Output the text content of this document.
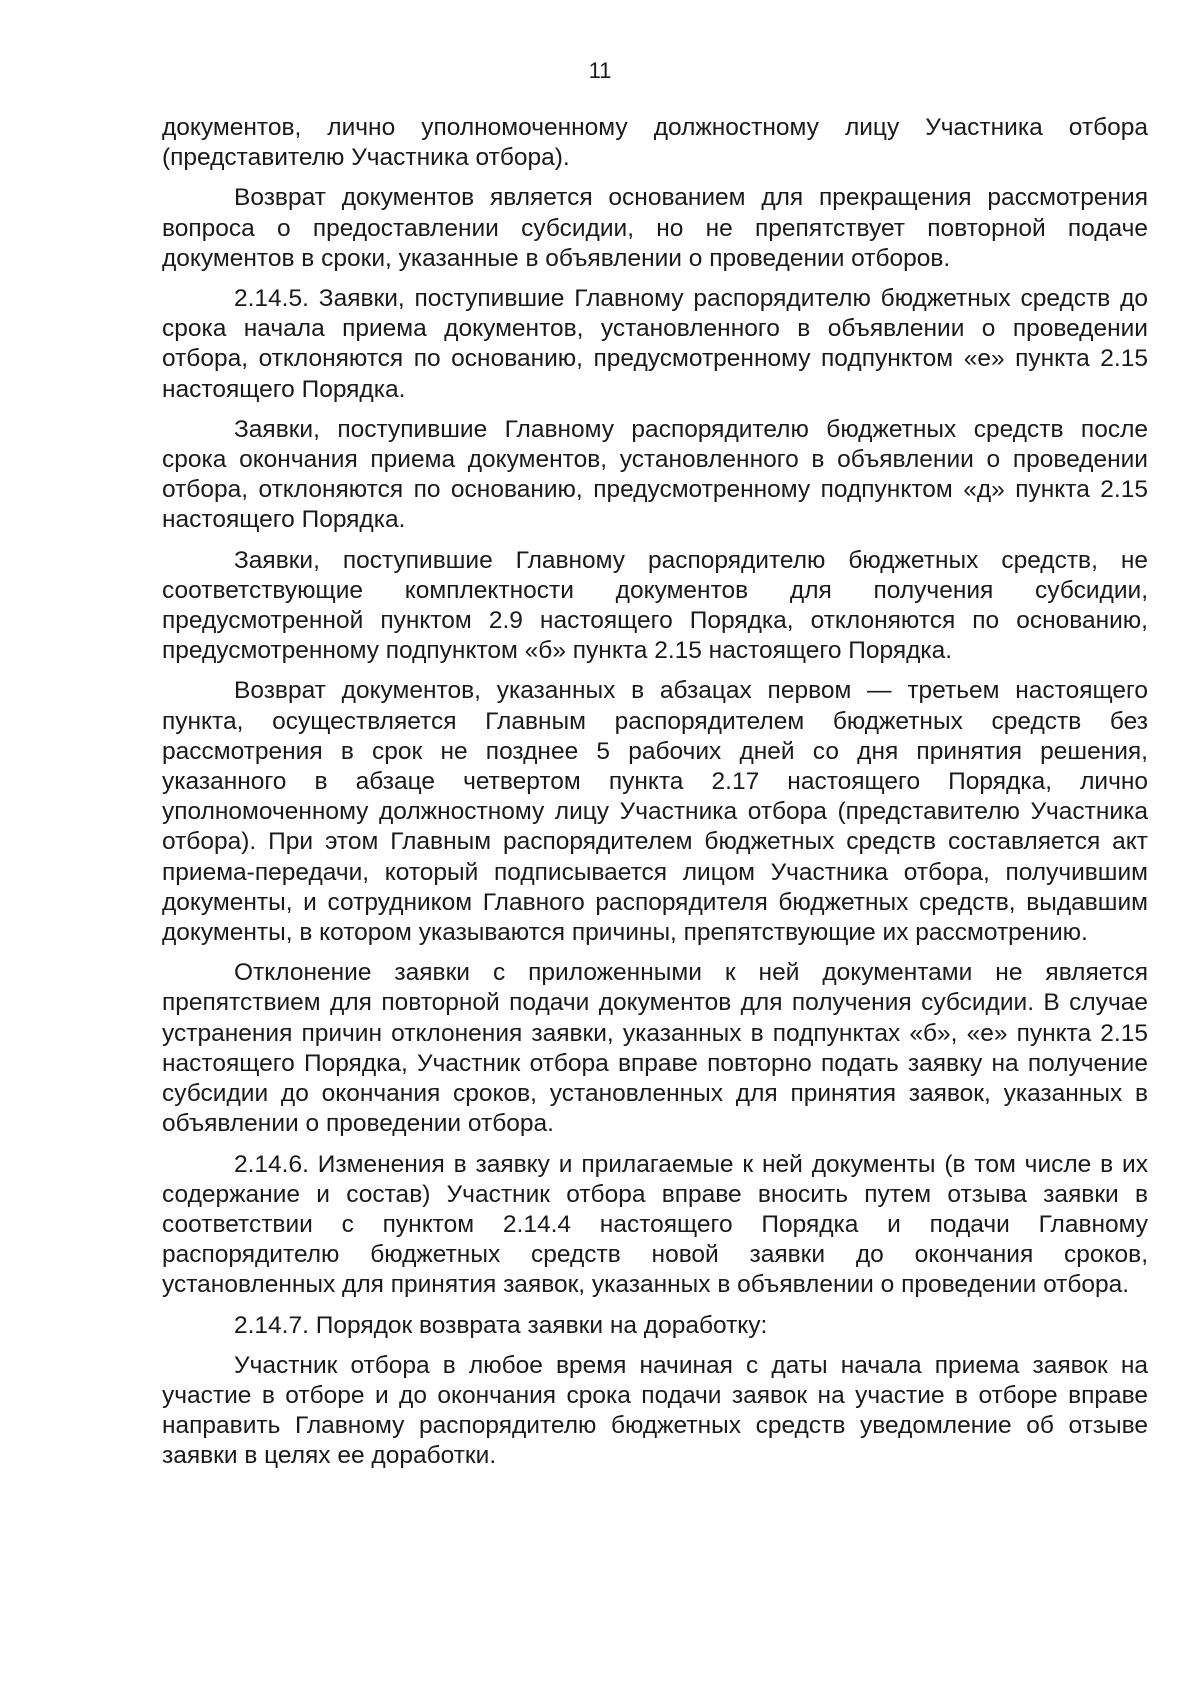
11

документов, лично уполномоченному должностному лицу Участника отбора (представителю Участника отбора).

Возврат документов является основанием для прекращения рассмотрения вопроса о предоставлении субсидии, но не препятствует повторной подаче документов в сроки, указанные в объявлении о проведении отборов.

2.14.5. Заявки, поступившие Главному распорядителю бюджетных средств до срока начала приема документов, установленного в объявлении о проведении отбора, отклоняются по основанию, предусмотренному подпунктом «е» пункта 2.15 настоящего Порядка.

Заявки, поступившие Главному распорядителю бюджетных средств после срока окончания приема документов, установленного в объявлении о проведении отбора, отклоняются по основанию, предусмотренному подпунктом «д» пункта 2.15 настоящего Порядка.

Заявки, поступившие Главному распорядителю бюджетных средств, не соответствующие комплектности документов для получения субсидии, предусмотренной пунктом 2.9 настоящего Порядка, отклоняются по основанию, предусмотренному подпунктом «б» пункта 2.15 настоящего Порядка.

Возврат документов, указанных в абзацах первом — третьем настоящего пункта, осуществляется Главным распорядителем бюджетных средств без рассмотрения в срок не позднее 5 рабочих дней со дня принятия решения, указанного в абзаце четвертом пункта 2.17 настоящего Порядка, лично уполномоченному должностному лицу Участника отбора (представителю Участника отбора). При этом Главным распорядителем бюджетных средств составляется акт приема-передачи, который подписывается лицом Участника отбора, получившим документы, и сотрудником Главного распорядителя бюджетных средств, выдавшим документы, в котором указываются причины, препятствующие их рассмотрению.

Отклонение заявки с приложенными к ней документами не является препятствием для повторной подачи документов для получения субсидии. В случае устранения причин отклонения заявки, указанных в подпунктах «б», «е» пункта 2.15 настоящего Порядка, Участник отбора вправе повторно подать заявку на получение субсидии до окончания сроков, установленных для принятия заявок, указанных в объявлении о проведении отбора.

2.14.6. Изменения в заявку и прилагаемые к ней документы (в том числе в их содержание и состав) Участник отбора вправе вносить путем отзыва заявки в соответствии с пунктом 2.14.4 настоящего Порядка и подачи Главному распорядителю бюджетных средств новой заявки до окончания сроков, установленных для принятия заявок, указанных в объявлении о проведении отбора.

2.14.7. Порядок возврата заявки на доработку:

Участник отбора в любое время начиная с даты начала приема заявок на участие в отборе и до окончания срока подачи заявок на участие в отборе вправе направить Главному распорядителю бюджетных средств уведомление об отзыве заявки в целях ее доработки.
